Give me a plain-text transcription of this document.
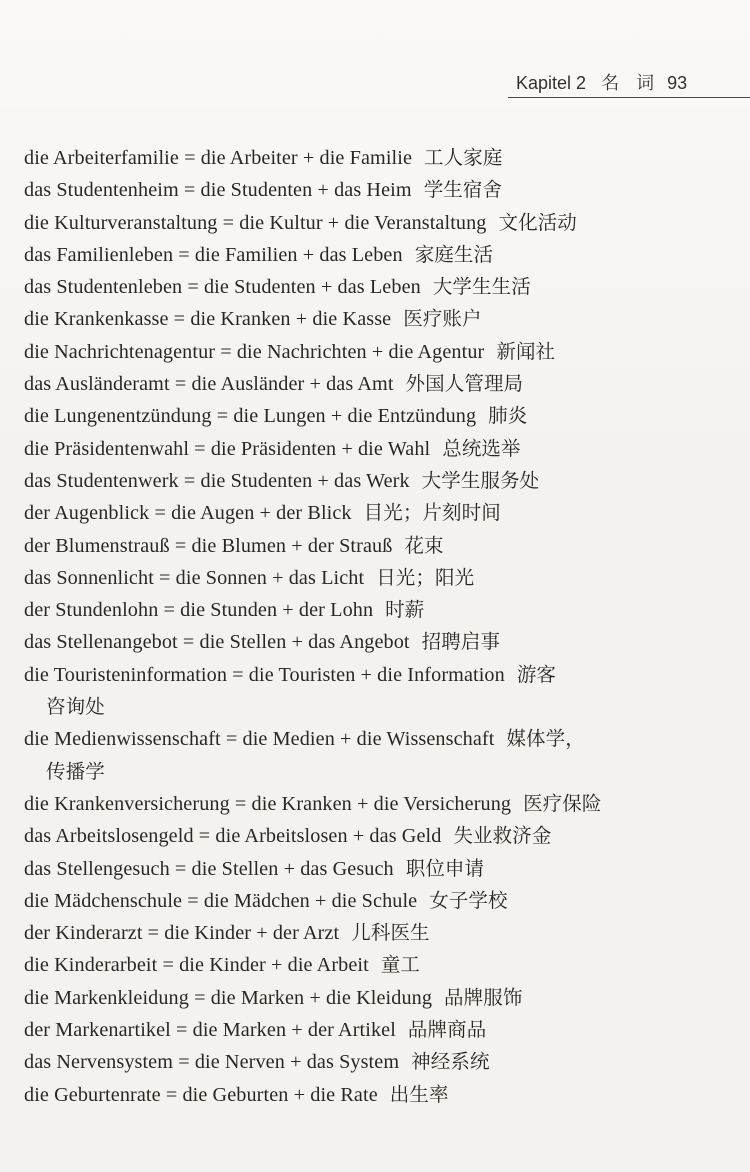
Kapitel 2 名 词 93
die Arbeiterfamilie = die Arbeiter + die Familie 工人家庭
das Studentenheim = die Studenten + das Heim 学生宿舍
die Kulturveranstaltung = die Kultur + die Veranstaltung 文化活动
das Familienleben = die Familien + das Leben 家庭生活
das Studentenleben = die Studenten + das Leben 大学生生活
die Krankenkasse = die Kranken + die Kasse 医疗账户
die Nachrichtenagentur = die Nachrichten + die Agentur 新闻社
das Ausländeramt = die Ausländer + das Amt 外国人管理局
die Lungenentzündung = die Lungen + die Entzündung 肺炎
die Präsidentenwahl = die Präsidenten + die Wahl 总统选举
das Studentenwerk = die Studenten + das Werk 大学生服务处
der Augenblick = die Augen + der Blick 目光；片刻时间
der Blumenstrauß = die Blumen + der Strauß 花束
das Sonnenlicht = die Sonnen + das Licht 日光；阳光
der Stundenlohn = die Stunden + der Lohn 时薪
das Stellenangebot = die Stellen + das Angebot 招聘启事
die Touristeninformation = die Touristen + die Information 游客
咨询处
die Medienwissenschaft = die Medien + die Wissenschaft 媒体学，
传播学
die Krankenversicherung = die Kranken + die Versicherung 医疗保险
das Arbeitslosengeld = die Arbeitslosen + das Geld 失业救济金
das Stellengesuch = die Stellen + das Gesuch 职位申请
die Mädchenschule = die Mädchen + die Schule 女子学校
der Kinderarzt = die Kinder + der Arzt 儿科医生
die Kinderarbeit = die Kinder + die Arbeit 童工
die Markenkleidung = die Marken + die Kleidung 品牌服饰
der Markenartikel = die Marken + der Artikel 品牌商品
das Nervensystem = die Nerven + das System 神经系统
die Geburtenrate = die Geburten + die Rate 出生率
